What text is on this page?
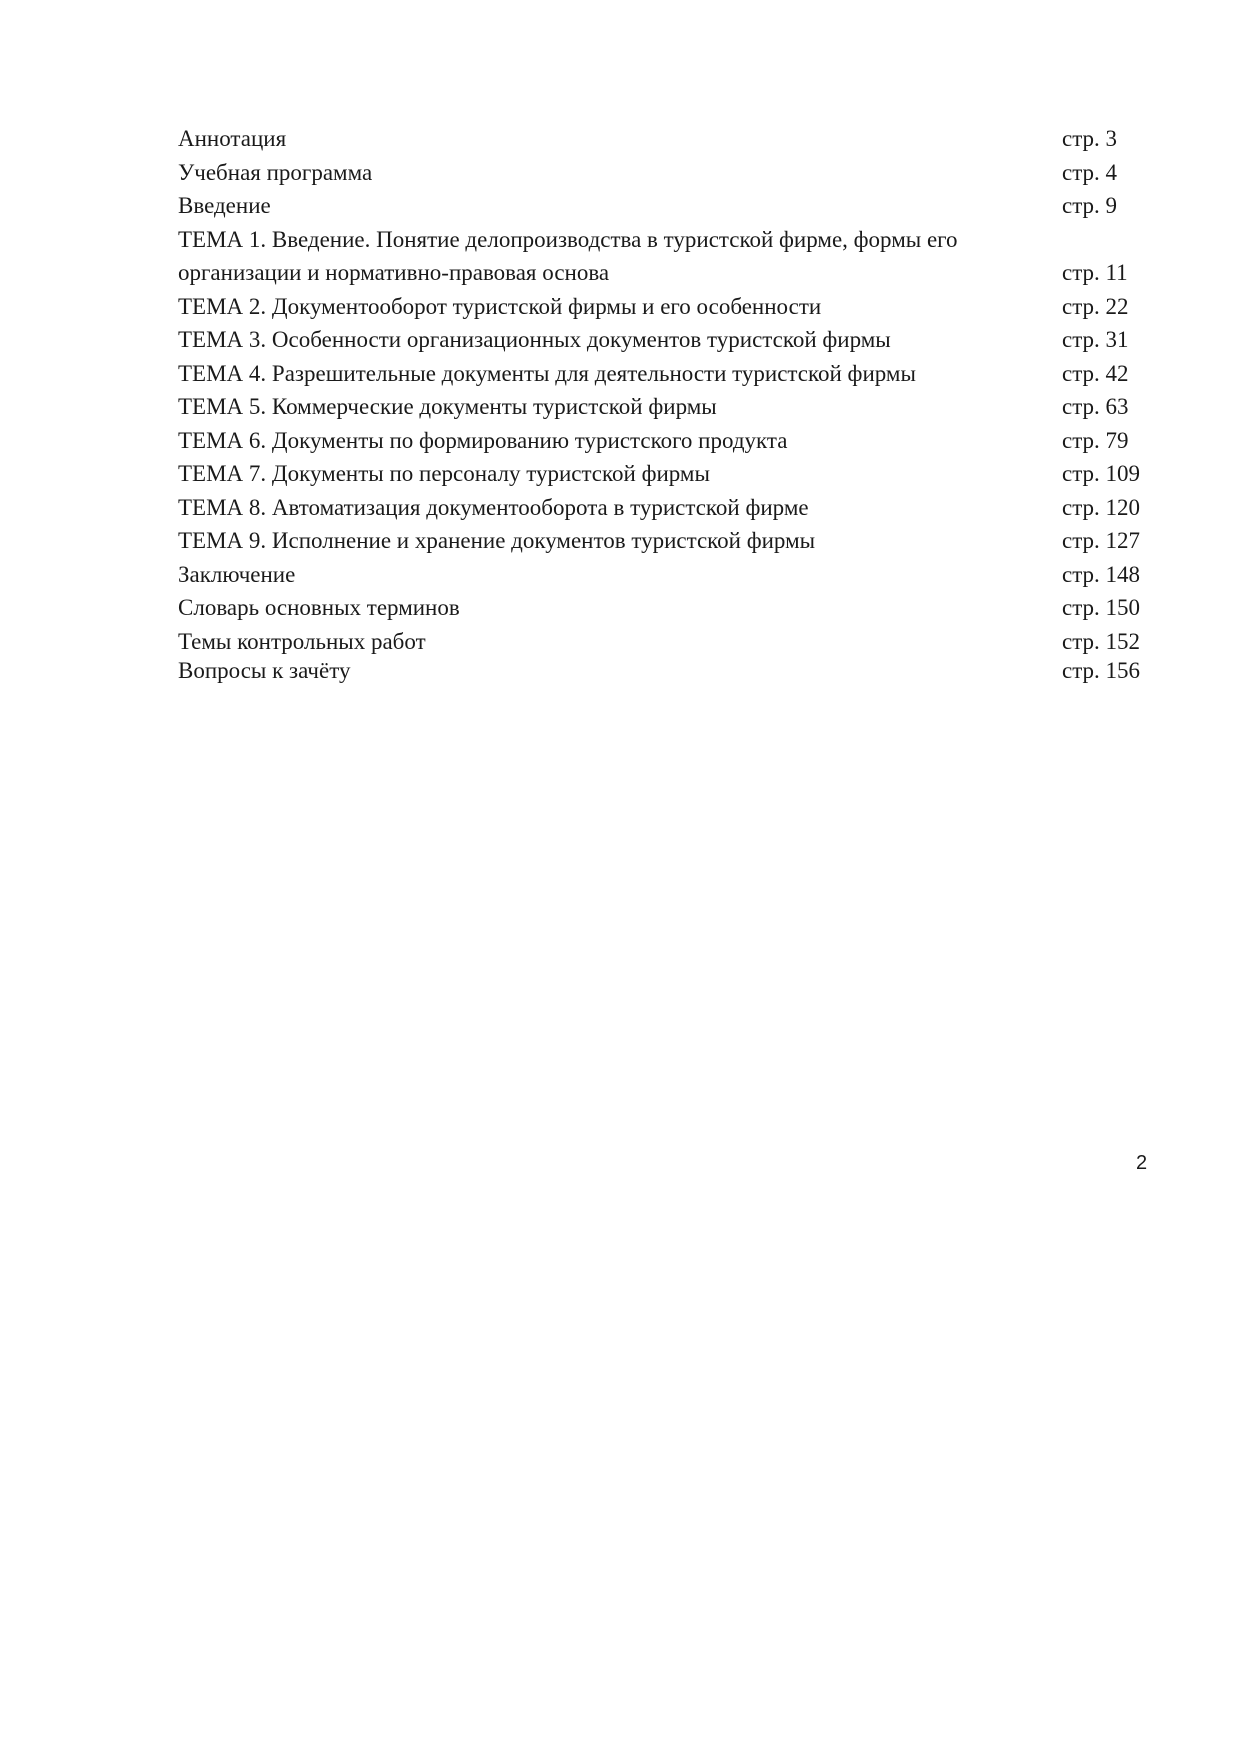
Аннотация	стр. 3
Учебная программа	стр. 4
Введение	стр. 9
ТЕМА 1. Введение. Понятие делопроизводства в туристской фирме, формы его
организации и нормативно-правовая основа	стр. 11
ТЕМА 2. Документооборот туристской фирмы и его особенности	стр. 22
ТЕМА 3. Особенности организационных документов туристской фирмы	стр. 31
ТЕМА 4. Разрешительные документы для деятельности туристской фирмы	стр. 42
ТЕМА 5. Коммерческие документы туристской фирмы	стр. 63
ТЕМА 6. Документы по формированию туристского продукта	стр. 79
ТЕМА 7. Документы по персоналу туристской фирмы	стр. 109
ТЕМА 8. Автоматизация документооборота в туристской фирме	стр. 120
ТЕМА 9. Исполнение и хранение документов туристской фирмы	стр. 127
Заключение	стр. 148
Словарь основных терминов	стр. 150
Темы контрольных работ	стр. 152
Вопросы к зачёту	стр. 156
2
